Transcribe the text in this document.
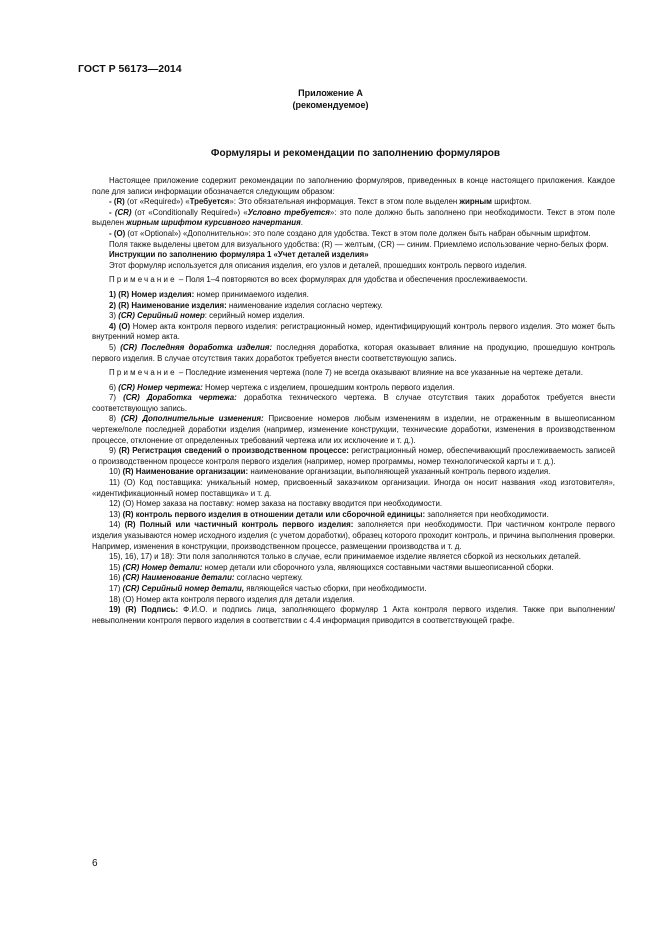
ГОСТ Р 56173—2014
Приложение А
(рекомендуемое)
Формуляры и рекомендации по заполнению формуляров

Настоящее приложение содержит рекомендации по заполнению формуляров, приведенных в конце настоящего приложения. Каждое поле для записи информации обозначается следующим образом:

- (R) (от «Required») «Требуется»: Это обязательная информация. Текст в этом поле выделен жирным шрифтом.

- (CR) (от «Conditionally Required») «Условно требуется»: это поле должно быть заполнено при необходимости. Текст в этом поле выделен жирным шрифтом курсивного начертания.

- (O) (от «Optional») «Дополнительно»: это поле создано для удобства. Текст в этом поле должен быть набран обычным шрифтом.

Поля также выделены цветом для визуального удобства: (R) — желтым, (CR) — синим. Приемлемо использование черно-белых форм.

Инструкции по заполнению формуляра 1 «Учет деталей изделия»

Этот формуляр используется для описания изделия, его узлов и деталей, прошедших контроль первого изделия.

Примечание – Поля 1–4 повторяются во всех формулярах для удобства и обеспечения прослеживаемости.

1) (R) Номер изделия: номер принимаемого изделия.

2) (R) Наименование изделия: наименование изделия согласно чертежу.

3) (CR) Серийный номер: серийный номер изделия.

4) (O) Номер акта контроля первого изделия: регистрационный номер, идентифицирующий контроль первого изделия. Это может быть внутренний номер акта.

5) (CR) Последняя доработка изделия: последняя доработка, которая оказывает влияние на продукцию, прошедшую контроль первого изделия. В случае отсутствия таких доработок требуется внести соответствующую запись.

Примечание – Последние изменения чертежа (поле 7) не всегда оказывают влияние на все указанные на чертеже детали.

6) (CR) Номер чертежа: Номер чертежа с изделием, прошедшим контроль первого изделия.

7) (CR) Доработка чертежа: доработка технического чертежа. В случае отсутствия таких доработок требуется внести соответствующую запись.

8) (CR) Дополнительные изменения: Присвоение номеров любым изменениям в изделии, не отраженным в вышеописанном чертеже/поле последней доработки изделия (например, изменение конструкции, технические доработки, изменения в производственном процессе, отклонение от определенных требований чертежа или их исключение и т. д.).

9) (R) Регистрация сведений о производственном процессе: регистрационный номер, обеспечивающий прослеживаемость записей о производственном процессе контроля первого изделия (например, номер программы, номер технологической карты и т. д.).

10) (R) Наименование организации: наименование организации, выполняющей указанный контроль первого изделия.

11) (O) Код поставщика: уникальный номер, присвоенный заказчиком организации. Иногда он носит названия «код изготовителя», «идентификационный номер поставщика» и т. д.

12) (O) Номер заказа на поставку: номер заказа на поставку вводится при необходимости.

13) (R) контроль первого изделия в отношении детали или сборочной единицы: заполняется при необходимости.

14) (R) Полный или частичный контроль первого изделия: заполняется при необходимости. При частичном контроле первого изделия указываются номер исходного изделия (с учетом доработки), образец которого проходит контроль, и причина выполнения проверки. Например, изменения в конструкции, производственном процессе, размещении производства и т. д.

15), 16), 17) и 18): Эти поля заполняются только в случае, если принимаемое изделие является сборкой из нескольких деталей.

15) (CR) Номер детали: номер детали или сборочного узла, являющихся составными частями вышеописанной сборки.

16) (CR) Наименование детали: согласно чертежу.

17) (CR) Серийный номер детали, являющейся частью сборки, при необходимости.

18) (O) Номер акта контроля первого изделия для детали изделия.

19) (R) Подпись: Ф.И.О. и подпись лица, заполняющего формуляр 1 Акта контроля первого изделия. Также при выполнении/невыполнении контроля первого изделия в соответствии с 4.4 информация приводится в соответствующей графе.

6
